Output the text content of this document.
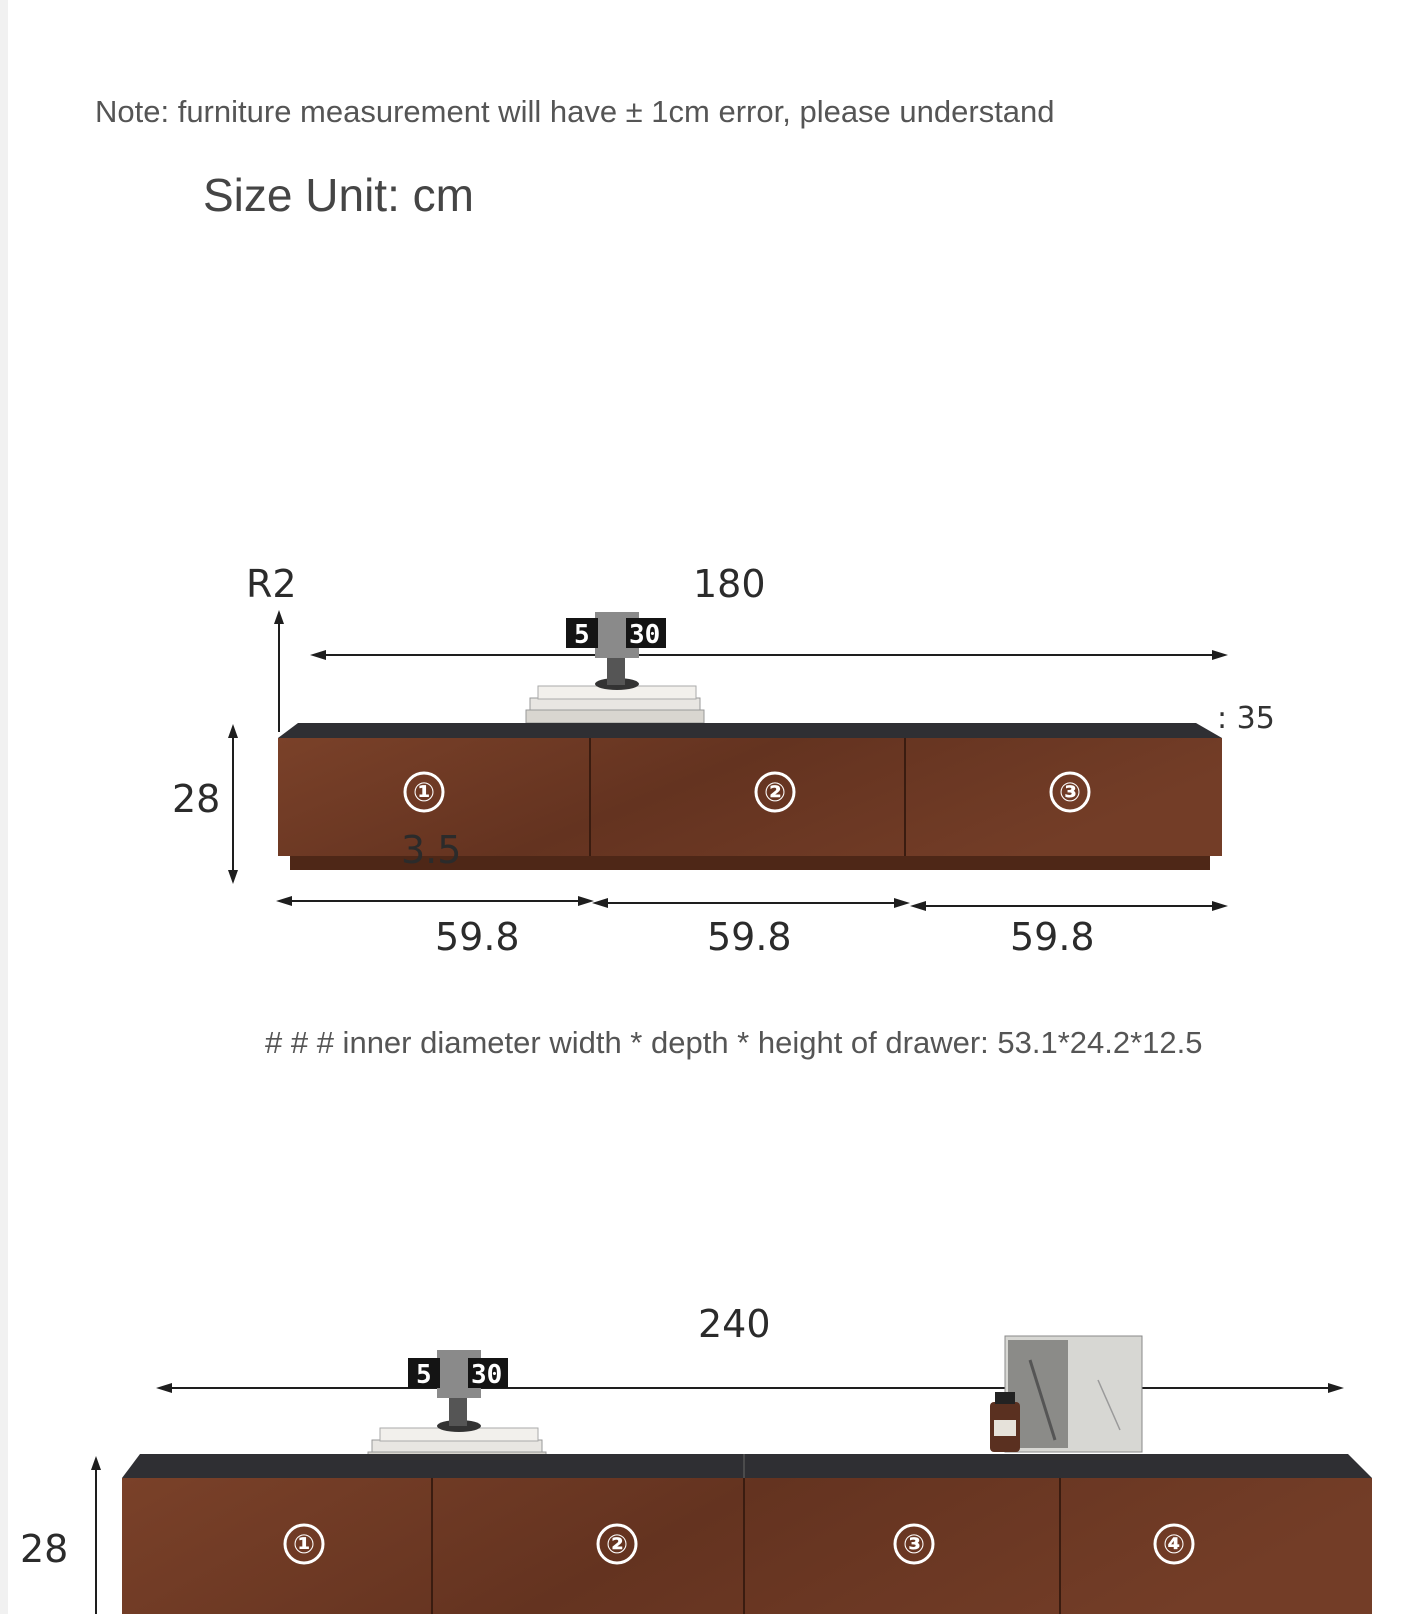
Note: furniture measurement will have ± 1cm error, please understand
Size Unit: cm
R2	180
5 30
: 35
①	②	③
28
3.5
59.8	59.8	59.8
# # # inner diameter width * depth * height of drawer: 53.1*24.2*12.5
240
5 30
①	②	③	④
28
